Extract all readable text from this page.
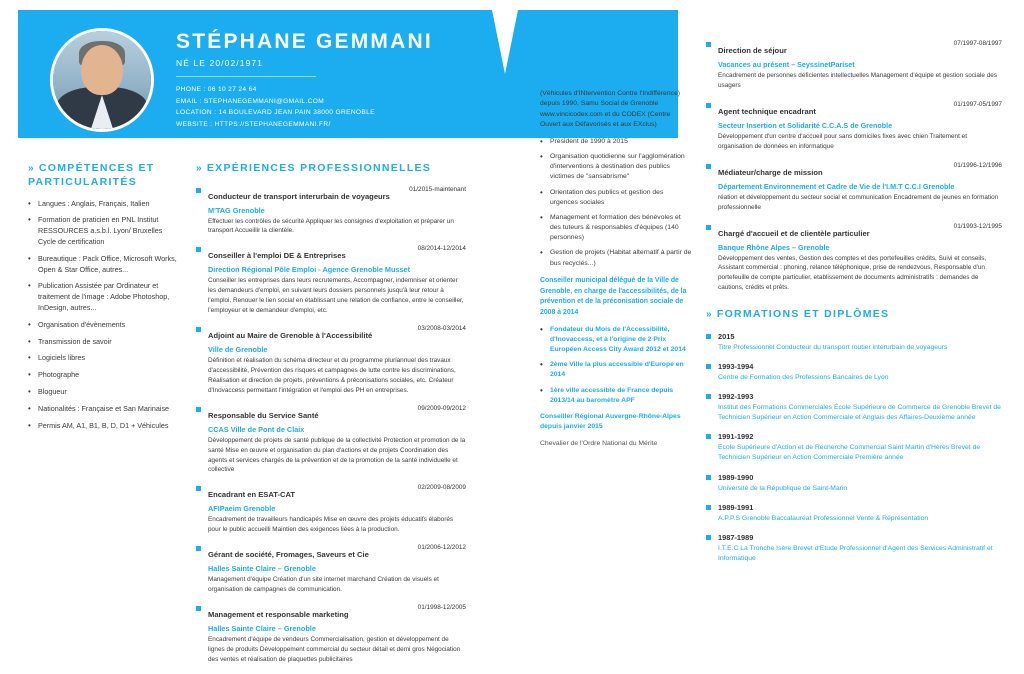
STÉPHANE GEMMANI
NÉ LE 20/02/1971
PHONE : 06 10 27 24 64
EMAIL : STEPHANEGEMMANI@GMAIL.COM
LOCATION : 14 BOULEVARD JEAN PAIN 38000 GRENOBLE
WEBSITE : HTTPS://STEPHANEGEMMANI.FR/
» COMPÉTENCES ET PARTICULARITÉS
• Langues : Anglais, Français, Italien
• Formation de praticien en PNL Institut RESSOURCES a.s.b.l. Lyon/ Bruxelles Cycle de certification
• Bureautique : Pack Office, Microsoft Works, Open & Star Office, autres...
• Publication Assistée par Ordinateur et traitement de l'image : Adobe Photoshop, InDesign, autres...
• Organisation d'évènements
• Transmission de savoir
• Logiciels libres
• Photographe
• Blogueur
• Nationalités : Française et San Marinaise
• Permis AM, A1, B1, B, D, D1 + Véhicules
» EXPÉRIENCES PROFESSIONNELLES
Conducteur de transport interurbain de voyageurs
01/2015-maintenant
M'TAG Grenoble
Effectuer les contrôles de sécurité Appliquer les consignes d'exploitation et préparer un transport Accueillir la clientèle.
Conseiller à l'emploi DE & Entreprises
08/2014-12/2014
Direction Régional Pôle Emploi - Agence Grenoble Musset
Conseiller les entreprises dans leurs recrutements, Accompagner, indemniser et orienter les demandeurs d'emploi, en suivant leurs dossiers personnels jusqu'à leur retour à l'emploi, Renouer le lien social en établissant une relation de confiance, entre le conseiller, l'employeur et le demandeur d'emploi, etc.
Adjoint au Maire de Grenoble à l'Accessibilité
03/2008-03/2014
Ville de Grenoble
Définition et réalisation du schéma directeur et du programme pluriannuel des travaux d'accessibilité, Prévention des risques et campagnes de lutte contre les discriminations, Réalisation et direction de projets, préventions & préconisations sociales, etc. Créateur d'Inovaccess permettant l'intégration et l'emploi des PH en entreprises.
Responsable du Service Santé
09/2009-09/2012
CCAS Ville de Pont de Claix
Développement de projets de santé publique de la collectivité Protection et promotion de la santé Mise en œuvre et organisation du plan d'actions et de projets Coordination des agents et services chargés de la prévention et de la promotion de la santé individuelle et collective
Encadrant en ESAT-CAT
02/2009-08/2009
AFIPaeim Grenoble
Encadrement de travailleurs handicapés Mise en œuvre des projets éducatifs élaborés pour le public accueilli Maintien des exigences liées à la production.
Gérant de société, Fromages, Saveurs et Cie
01/2006-12/2012
Halles Sainte Claire – Grenoble
Management d'équipe Création d'un site internet marchand Création de visuels et organisation de campagnes de communication.
Management et responsable marketing
01/1998-12/2005
Halles Sainte Claire – Grenoble
Encadrement d'équipe de vendeurs Commercialisation, gestion et développement de lignes de produits Développement commercial du secteur détail et demi gros Négociation des ventes et réalisation de plaquettes publicitaires
» RESPONSABILITÉS, EXPERTISES
Fondateur de SamuSocial de Grenoble
(Véhicules d'INtervention Contre l'Indifférence) depuis 1990, Samu Social de Grenoble www.vincicodex.com et du CODEX (Centre Ouvert aux Défavorisés et aux EXclus)
• Président de 1990 à 2015
• Organisation quotidienne sur l'agglomération d'interventions à destination des publics victimes de "sansabrisme"
• Orientation des publics et gestion des urgences sociales
• Management et formation des bénévoles et des tuteurs & responsables d'équipes (140 personnes)
• Gestion de projets (Habitat alternatif à partir de bus recyclés...)
Conseiller municipal délégué de la Ville de Grenoble, en charge de l'accessibilités, de la prévention et de la préconisation sociale de 2008 à 2014
• Fondateur du Mois de l'Accessibilité, d'Inovaccess, et à l'origine de 2 Prix Européen Access City Award 2012 et 2014
• 2ème Ville la plus accessible d'Europe en 2014
• 1ère ville accessible de France depuis 2013/14 au baromètre APF
Conseiller Régional Auvergne-Rhône-Alpes depuis janvier 2015
Chevalier de l'Ordre National du Mérite
Direction de séjour
07/1997-08/1997
Vacances au présent – SeyssinetPariset
Encadrement de personnes déficientes intellectuelles Management d'équipe et gestion sociale des usagers
Agent technique encadrant
01/1997-05/1997
Secteur Insertion et Solidarité C.C.A.S de Grenoble
Développement d'un centre d'accueil pour sans domiciles fixes avec chien Traitement et organisation de données en informatique
Médiateur/charge de mission
01/1996-12/1996
Département Environnement et Cadre de Vie de l'I.M.T C.C.I Grenoble
réation et développement du secteur social et communication Encadrement de jeunes en formation professionnelle
Chargé d'accueil et de clientèle particulier
01/1993-12/1995
Banque Rhône Alpes – Grenoble
Développement des ventes, Gestion des comptes et des portefeuilles crédits, Suivi et conseils, Assistant commercial : phoning, relance téléphonique, prise de rendezvous, Responsable d'un portefeuille de compte particulier, etablissement de documents administratifs : demandes de cautions, crédits et prêts.
» FORMATIONS ET DIPLÔMES
2015
Titre Professionnel Conducteur du transport routier interurbain de voyageurs
1993-1994
Centre de Formation des Professions Bancaires de Lyon
1992-1993
Institut des Formations Commerciales École Supérieure de Commerce de Grenoble Brevet de Technicien Supérieur en Action Commerciale et Anglais des Affaires-Deuxième année
1991-1992
Ecole Supérieure d'Action et de Recherche Commercial Saint Martin d'Hères Brevet de Technicien Supérieur en Action Commerciale Première année
1989-1990
Université de la République de Saint-Marin
1989-1991
A.P.P.S Grenoble Baccalauréat Professionnel Vente & Réprésentation
1987-1989
I.T.E.C La Tronche Isère Brevet d'Etude Professionnel d'Agent des Services Administratif et Informatique
